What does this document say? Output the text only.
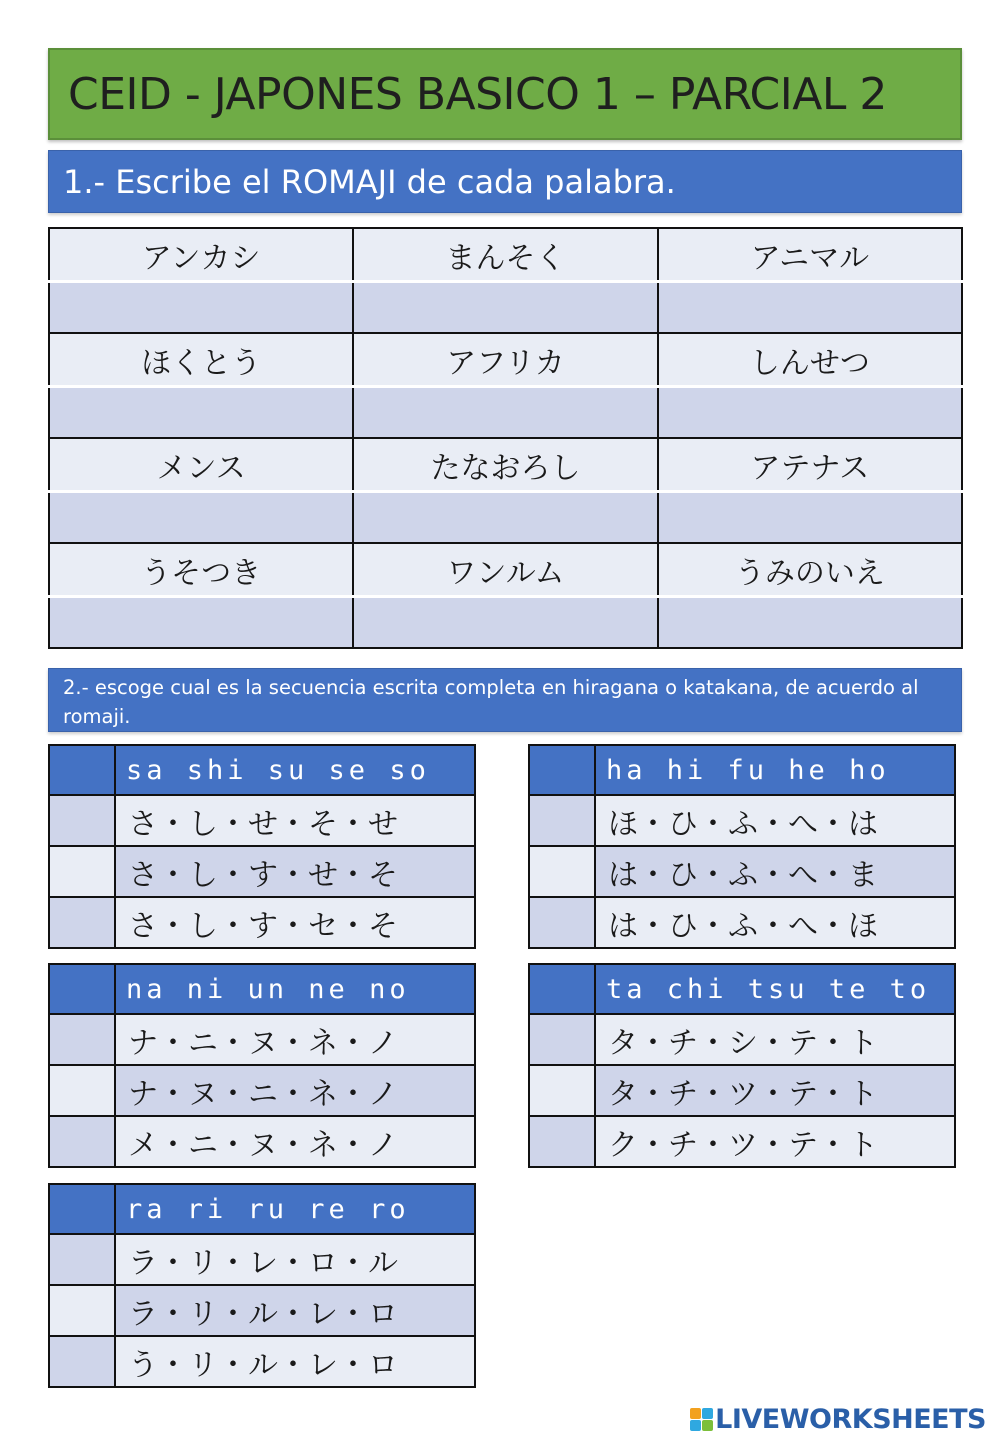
CEID - JAPONES BASICO 1 – PARCIAL 2
1.- Escribe el ROMAJI de cada palabra.
アンカシ	まんそく	アニマル

ほくとう	アフリカ	しんせつ

メンス	たなおろし	アテナス

うそつき	ワンルム	うみのいえ

2.- escoge cual es la secuencia escrita completa en hiragana o katakana, de acuerdo al romaji.
	sa shi su se so
	さ・し・せ・そ・せ
	さ・し・す・せ・そ
	さ・し・す・セ・そ
	ha hi fu he ho
	ほ・ひ・ふ・へ・は
	は・ひ・ふ・へ・ま
	は・ひ・ふ・へ・ほ
	na ni un ne no
	ナ・ニ・ヌ・ネ・ノ
	ナ・ヌ・ニ・ネ・ノ
	メ・ニ・ヌ・ネ・ノ
	ta chi tsu te to
	タ・チ・シ・テ・ト
	タ・チ・ツ・テ・ト
	ク・チ・ツ・テ・ト
	ra ri ru re ro
	ラ・リ・レ・ロ・ル
	ラ・リ・ル・レ・ロ
	う・リ・ル・レ・ロ
LIVEWORKSHEETS
